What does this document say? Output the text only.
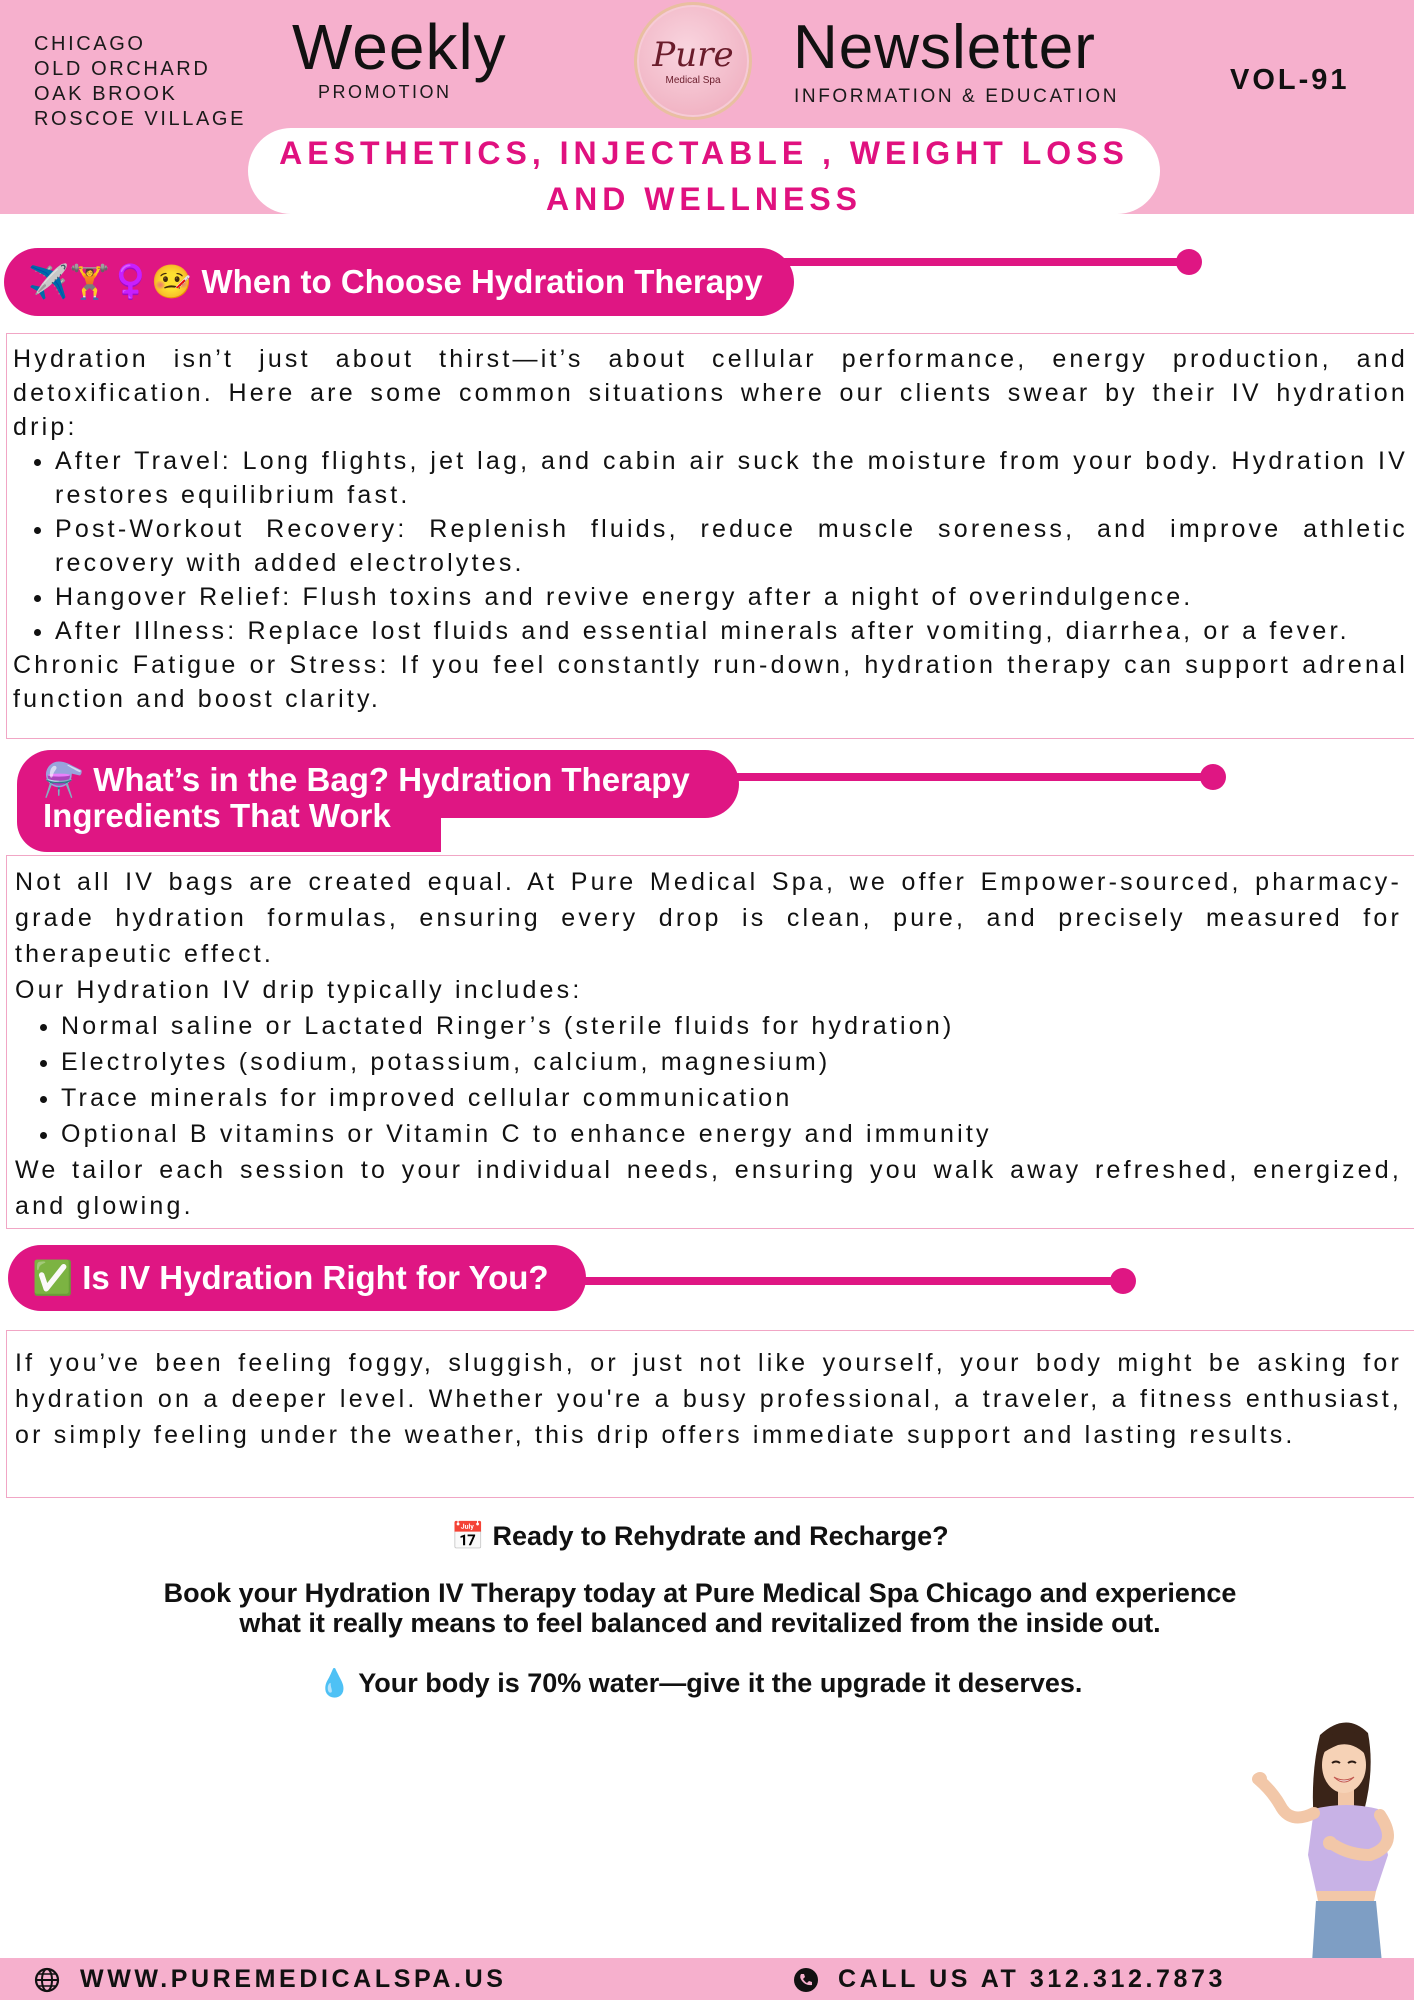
CHICAGO
OLD ORCHARD
OAK BROOK
ROSCOE VILLAGE
Weekly
PROMOTION
Pure
Medical Spa	Newsletter
INFORMATION & EDUCATION
VOL-91
AESTHETICS, INJECTABLE , WEIGHT LOSS
AND WELLNESS
✈️🏋️♀️🤒 When to Choose Hydration Therapy
Hydration isn’t just about thirst—it’s about cellular performance, energy production, and detoxification. Here are some common situations where our clients swear by their IV hydration drip:
• After Travel: Long flights, jet lag, and cabin air suck the moisture from your body. Hydration IV restores equilibrium fast.
• Post-Workout Recovery: Replenish fluids, reduce muscle soreness, and improve athletic recovery with added electrolytes.
• Hangover Relief: Flush toxins and revive energy after a night of overindulgence.
• After Illness: Replace lost fluids and essential minerals after vomiting, diarrhea, or a fever.
Chronic Fatigue or Stress: If you feel constantly run-down, hydration therapy can support adrenal function and boost clarity.
⚗️ What’s in the Bag? Hydration Therapy
Ingredients That Work
Not all IV bags are created equal. At Pure Medical Spa, we offer Empower-sourced, pharmacy-grade hydration formulas, ensuring every drop is clean, pure, and precisely measured for therapeutic effect.
Our Hydration IV drip typically includes:
• Normal saline or Lactated Ringer’s (sterile fluids for hydration)
• Electrolytes (sodium, potassium, calcium, magnesium)
• Trace minerals for improved cellular communication
• Optional B vitamins or Vitamin C to enhance energy and immunity
We tailor each session to your individual needs, ensuring you walk away refreshed, energized, and glowing.
✅ Is IV Hydration Right for You?
If you’ve been feeling foggy, sluggish, or just not like yourself, your body might be asking for hydration on a deeper level. Whether you're a busy professional, a traveler, a fitness enthusiast, or simply feeling under the weather, this drip offers immediate support and lasting results.
📅 Ready to Rehydrate and Recharge?
Book your Hydration IV Therapy today at Pure Medical Spa Chicago and experience what it really means to feel balanced and revitalized from the inside out.
💧 Your body is 70% water—give it the upgrade it deserves.
WWW.PUREMEDICALSPA.US	CALL US AT 312.312.7873
